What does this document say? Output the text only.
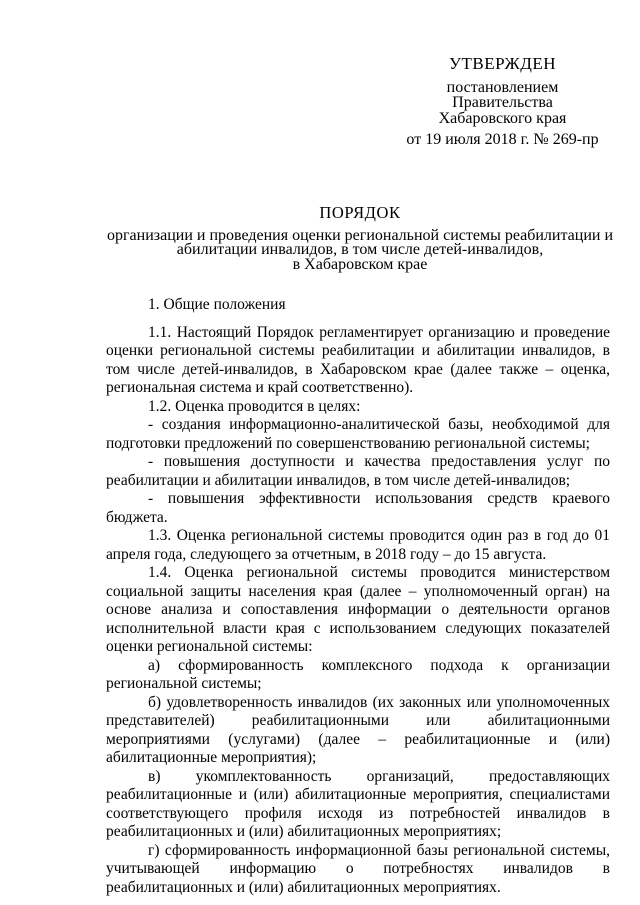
УТВЕРЖДЕН
постановлением
Правительства
Хабаровского края
от 19 июля 2018 г. № 269-пр
ПОРЯДОК
организации и проведения оценки региональной системы реабилитации и
абилитации инвалидов, в том числе детей-инвалидов,
в Хабаровском крае
1. Общие положения

1.1. Настоящий Порядок регламентирует организацию и проведение оценки региональной системы реабилитации и абилитации инвалидов, в том числе детей-инвалидов, в Хабаровском крае (далее также – оценка, региональная система и край соответственно).

1.2. Оценка проводится в целях:

- создания информационно-аналитической базы, необходимой для подготовки предложений по совершенствованию региональной системы;

- повышения доступности и качества предоставления услуг по реабилитации и абилитации инвалидов, в том числе детей-инвалидов;

- повышения эффективности использования средств краевого бюджета.

1.3. Оценка региональной системы проводится один раз в год до 01 апреля года, следующего за отчетным, в 2018 году – до 15 августа.

1.4. Оценка региональной системы проводится министерством социальной защиты населения края (далее – уполномоченный орган) на основе анализа и сопоставления информации о деятельности органов исполнительной власти края с использованием следующих показателей оценки региональной системы:

а) сформированность комплексного подхода к организации региональной системы;

б) удовлетворенность инвалидов (их законных или уполномоченных представителей) реабилитационными или абилитационными мероприятиями (услугами) (далее – реабилитационные и (или) абилитационные мероприятия);

в) укомплектованность организаций, предоставляющих реабилитационные и (или) абилитационные мероприятия, специалистами соответствующего профиля исходя из потребностей инвалидов в реабилитационных и (или) абилитационных мероприятиях;

г) сформированность информационной базы региональной системы, учитывающей информацию о потребностях инвалидов в реабилитационных и (или) абилитационных мероприятиях.
